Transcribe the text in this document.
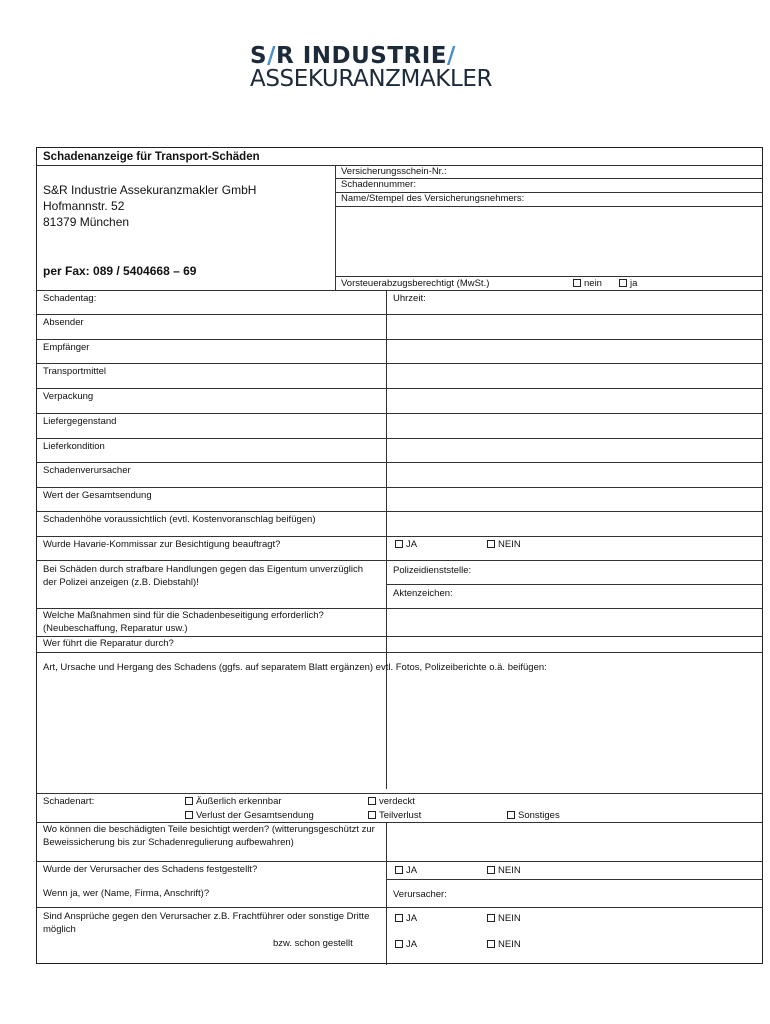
S/R INDUSTRIE/
ASSEKURANZMAKLER
Schadenanzeige für Transport-Schäden
S&R Industrie Assekuranzmakler GmbH
Hofmannstr. 52
81379 München
per Fax: 089 / 5404668 – 69
Versicherungsschein-Nr.:
Schadennummer:
Name/Stempel des Versicherungsnehmers:
Vorsteuerabzugsberechtigt (MwSt.)	nein	ja
Schadentag:	Uhrzeit:
Absender
Empfänger
Transportmittel
Verpackung
Liefergegenstand
Lieferkondition
Schadenverursacher
Wert der Gesamtsendung
Schadenhöhe voraussichtlich (evtl. Kostenvoranschlag beifügen)
Wurde Havarie-Kommissar zur Besichtigung beauftragt?	JA	NEIN
Bei Schäden durch strafbare Handlungen gegen das Eigentum unverzüglich der Polizei anzeigen (z.B. Diebstahl)!
Polizeidienststelle:
Aktenzeichen:
Welche Maßnahmen sind für die Schadenbeseitigung erforderlich? (Neubeschaffung, Reparatur usw.)
Wer führt die Reparatur durch?
Art, Ursache und Hergang des Schadens (ggfs. auf separatem Blatt ergänzen) evtl. Fotos, Polizeiberichte o.ä. beifügen:
Schadenart:	Äußerlich erkennbar	verdeckt
Verlust der Gesamtsendung	Teilverlust	Sonstiges
Wo können die beschädigten Teile besichtigt werden? (witterungsgeschützt zur Beweissicherung bis zur Schadenregulierung aufbewahren)
Wurde der Verursacher des Schadens festgestellt?	JA	NEIN
Wenn ja, wer (Name, Firma, Anschrift)?	Verursacher:
Sind Ansprüche gegen den Verursacher z.B. Frachtführer oder sonstige Dritte möglich
JA	NEIN
bzw. schon gestellt	JA	NEIN
